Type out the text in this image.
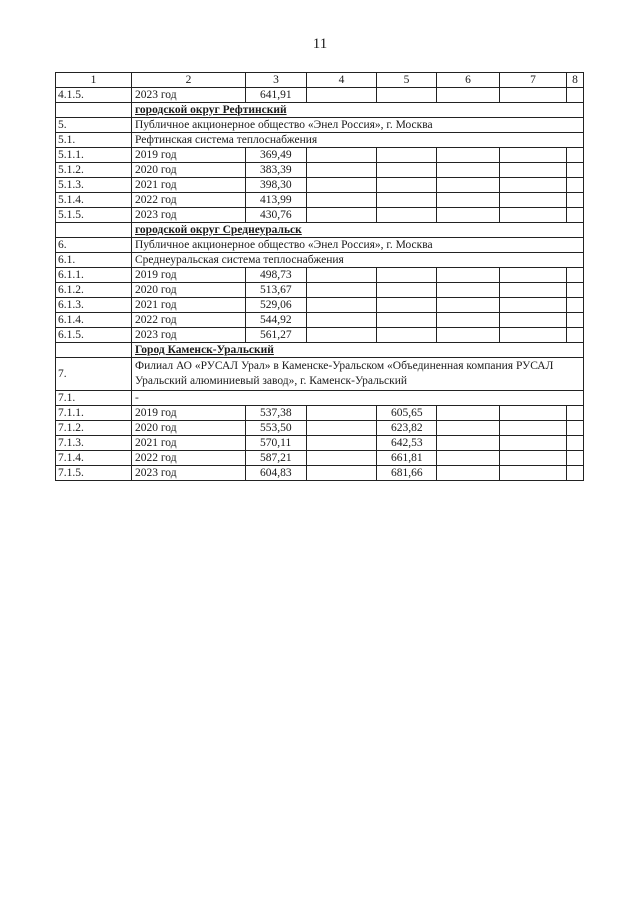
11
1	2	3	4	5	6	7	8
4.1.5.	2023 год	641,91					
	городской округ Рефтинский						
5.	Публичное акционерное общество «Энел Россия», г. Москва						
5.1.	Рефтинская система теплоснабжения						
5.1.1.	2019 год	369,49					
5.1.2.	2020 год	383,39					
5.1.3.	2021 год	398,30					
5.1.4.	2022 год	413,99					
5.1.5.	2023 год	430,76					
	городской округ Среднеуральск						
6.	Публичное акционерное общество «Энел Россия», г. Москва						
6.1.	Среднеуральская система теплоснабжения						
6.1.1.	2019 год	498,73					
6.1.2.	2020 год	513,67					
6.1.3.	2021 год	529,06					
6.1.4.	2022 год	544,92					
6.1.5.	2023 год	561,27					
	Город Каменск-Уральский						
7.	Филиал АО «РУСАЛ Урал» в Каменске-Уральском «Объединенная компания РУСАЛ Уральский алюминиевый завод», г. Каменск-Уральский						
7.1.	-						
7.1.1.	2019 год	537,38		605,65			
7.1.2.	2020 год	553,50		623,82			
7.1.3.	2021 год	570,11		642,53			
7.1.4.	2022 год	587,21		661,81			
7.1.5.	2023 год	604,83		681,66			
